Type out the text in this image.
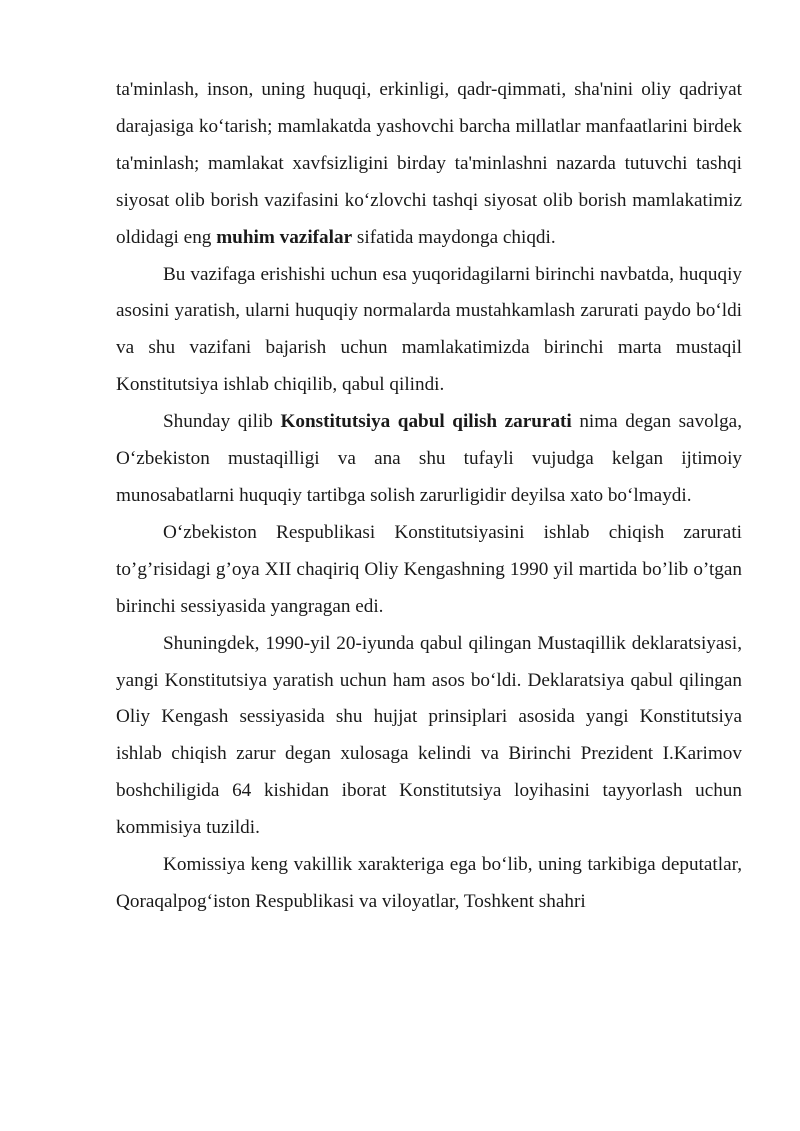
ta'minlash, inson, uning huquqi, erkinligi, qadr-qimmati, sha'nini oliy qadriyat darajasiga ko‘tarish; mamlakatda yashovchi barcha millatlar manfaatlarini birdek ta'minlash; mamlakat xavfsizligini birday ta'minlashni nazarda tutuvchi tashqi siyosat olib borish vazifasini ko‘zlovchi tashqi siyosat olib borish mamlakatimiz oldidagi eng muhim vazifalar sifatida maydonga chiqdi.

Bu vazifaga erishishi uchun esa yuqoridagilarni birinchi navbatda, huquqiy asosini yaratish, ularni huquqiy normalarda mustahkamlash zarurati paydo bo‘ldi va shu vazifani bajarish uchun mamlakatimizda birinchi marta mustaqil Konstitutsiya ishlab chiqilib, qabul qilindi.

Shunday qilib Konstitutsiya qabul qilish zarurati nima degan savolga, O‘zbekiston mustaqilligi va ana shu tufayli vujudga kelgan ijtimoiy munosabatlarni huquqiy tartibga solish zarurligidir deyilsa xato bo‘lmaydi.

O‘zbekiston Respublikasi Konstitutsiyasini ishlab chiqish zarurati to’g’risidagi g’oya XII chaqiriq Oliy Kengashning 1990 yil martida bo’lib o’tgan birinchi sessiyasida yangragan edi.

Shuningdek, 1990-yil 20-iyunda qabul qilingan Mustaqillik deklaratsiyasi, yangi Konstitutsiya yaratish uchun ham asos bo‘ldi. Deklaratsiya qabul qilingan Oliy Kengash sessiyasida shu hujjat prinsiplari asosida yangi Konstitutsiya ishlab chiqish zarur degan xulosaga kelindi va Birinchi Prezident I.Karimov boshchiligida 64 kishidan iborat Konstitutsiya loyihasini tayyorlash uchun kommisiya tuzildi.

Komissiya keng vakillik xarakteriga ega bo‘lib, uning tarkibiga deputatlar, Qoraqalpog‘iston Respublikasi va viloyatlar, Toshkent shahri
